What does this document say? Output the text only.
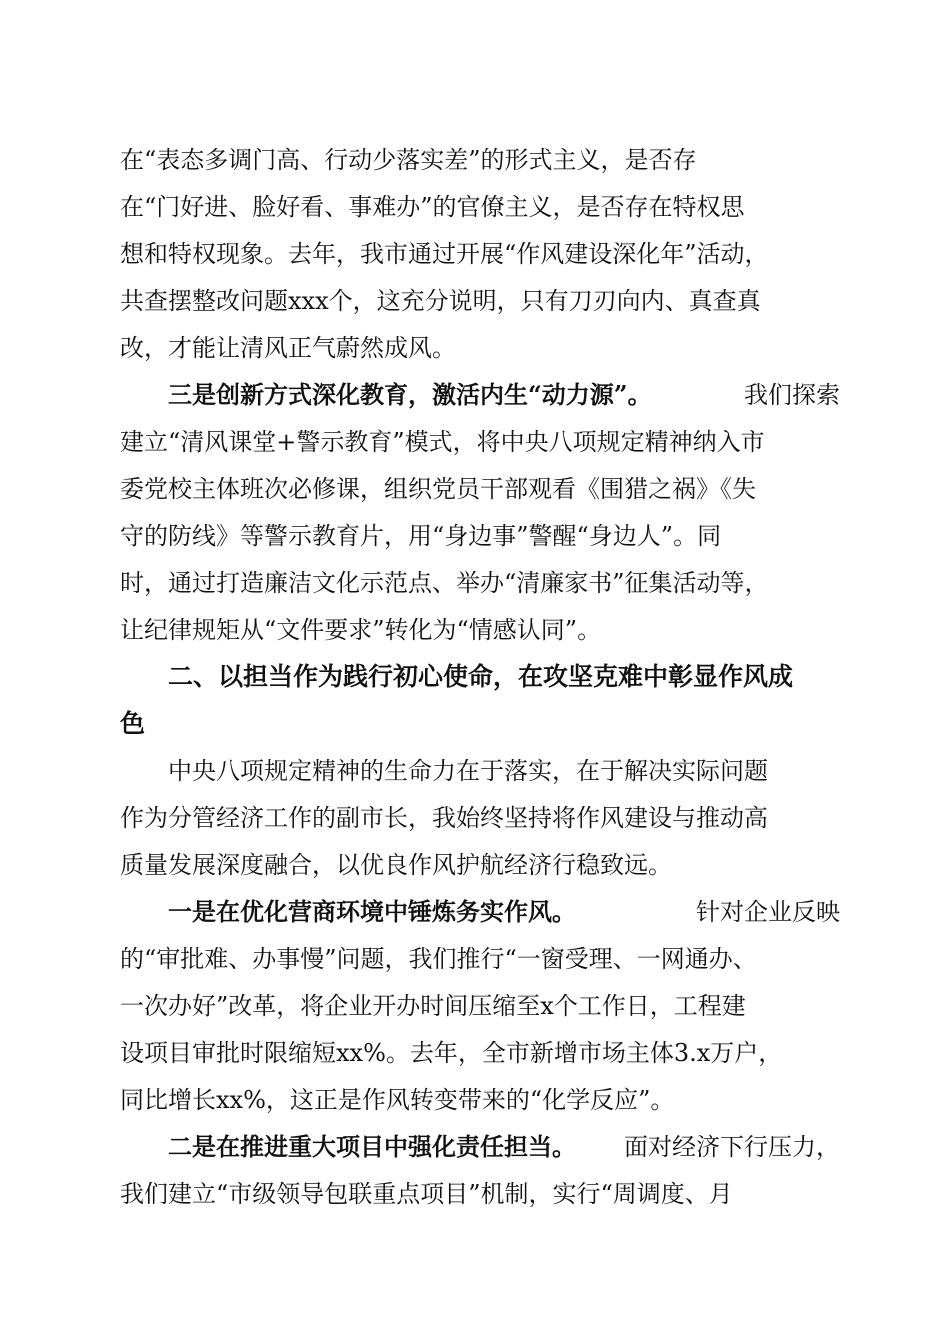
在“表态多调门高、行动少落实差”的形式主义，是否存
在“门好进、脸好看、事难办”的官僚主义，是否存在特权思
想和特权现象。去年，我市通过开展“作风建设深化年”活动，
共查摆整改问题xxx个，这充分说明，只有刀刃向内、真查真
改，才能让清风正气蔚然成风。
三是创新方式深化教育，激活内生“动力源”。	我们探索
建立“清风课堂+警示教育”模式，将中央八项规定精神纳入市
委党校主体班次必修课，组织党员干部观看《围猎之祸》《失
守的防线》等警示教育片，用“身边事”警醒“身边人”。同
时，通过打造廉洁文化示范点、举办“清廉家书”征集活动等，
让纪律规矩从“文件要求”转化为“情感认同”。
二、以担当作为践行初心使命，在攻坚克难中彰显作风成
色
中央八项规定精神的生命力在于落实，在于解决实际问题
作为分管经济工作的副市长，我始终坚持将作风建设与推动高
质量发展深度融合，以优良作风护航经济行稳致远。
一是在优化营商环境中锤炼务实作风。	针对企业反映
的“审批难、办事慢”问题，我们推行“一窗受理、一网通办、
一次办好”改革，将企业开办时间压缩至x个工作日，工程建
设项目审批时限缩短xx%。去年，全市新增市场主体3.x万户，
同比增长xx%，这正是作风转变带来的“化学反应”。
二是在推进重大项目中强化责任担当。 面对经济下行压力，
我们建立“市级领导包联重点项目”机制，实行“周调度、月
